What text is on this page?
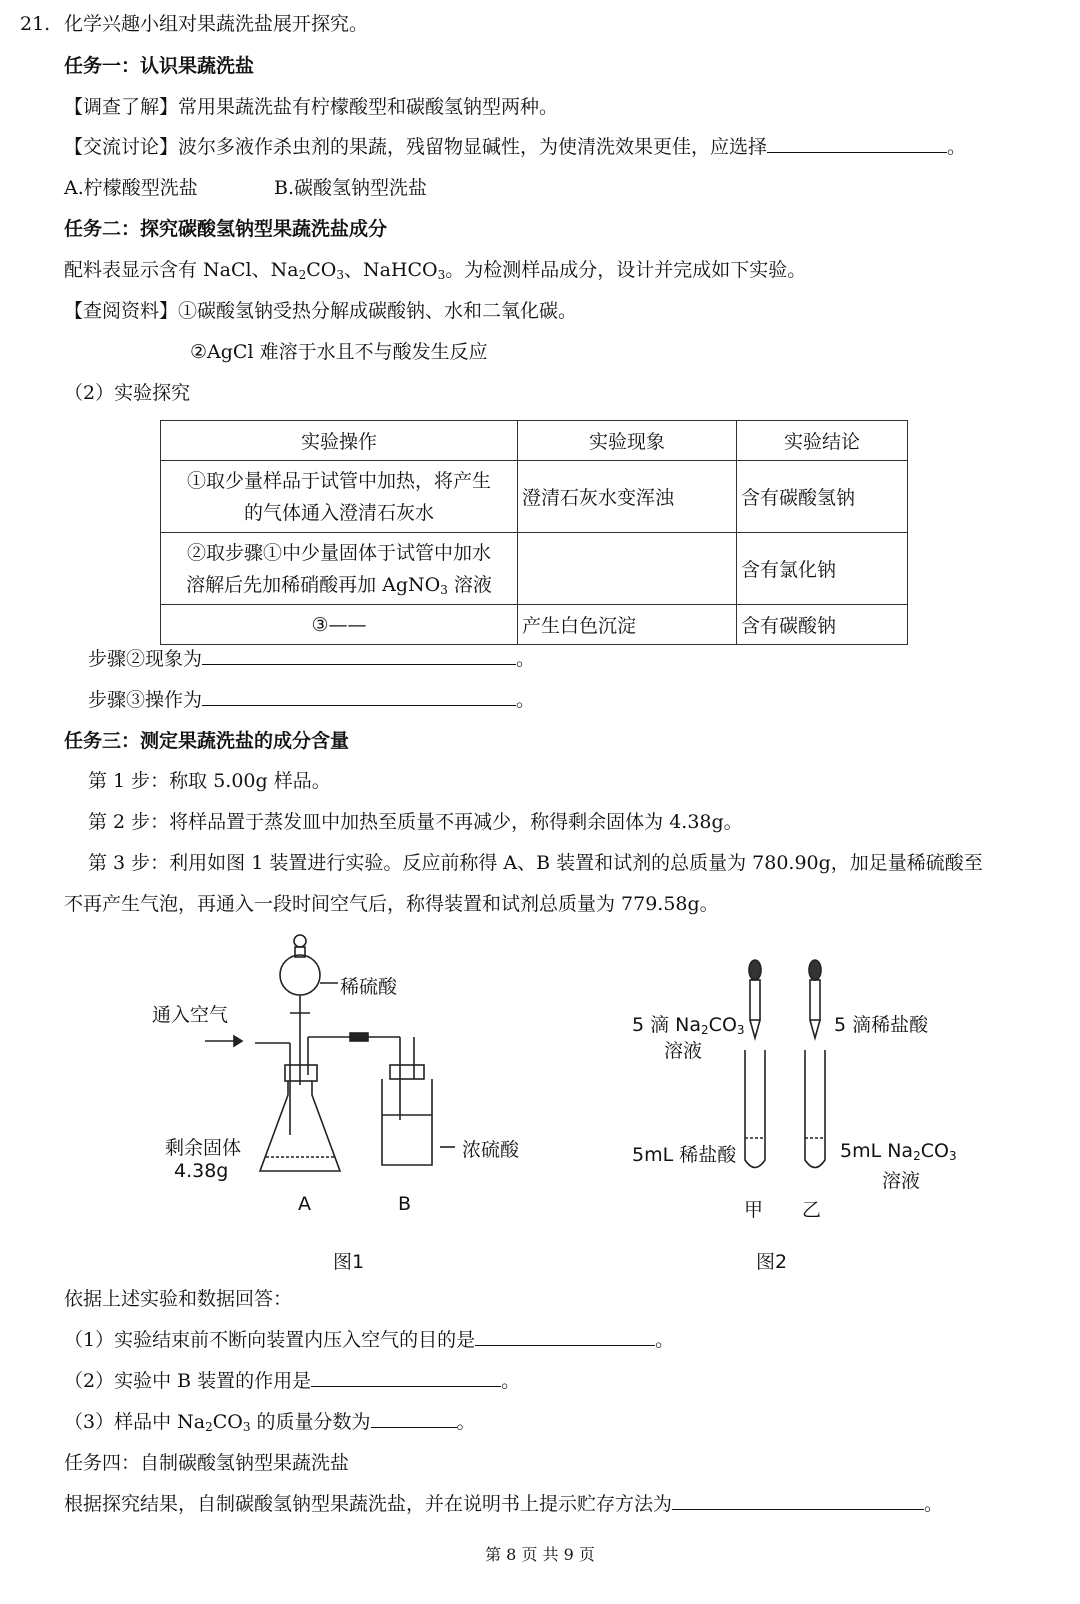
21. 化学兴趣小组对果蔬洗盐展开探究。
任务一：认识果蔬洗盐
【调查了解】常用果蔬洗盐有柠檬酸型和碳酸氢钠型两种。
【交流讨论】波尔多液作杀虫剂的果蔬，残留物显碱性，为使清洗效果更佳，应选择	。
A.柠檬酸型洗盐	B.碳酸氢钠型洗盐
任务二：探究碳酸氢钠型果蔬洗盐成分
配料表显示含有 NaCl、$Na_2CO_3$、NaHCO$_3$。为检测样品成分，设计并完成如下实验。
【查阅资料】①碳酸氢钠受热分解成碳酸钠、水和二氧化碳。
②AgCl 难溶于水且不与酸发生反应
（2）实验探究
实验操作	实验现象	实验结论

①取少量样品于试管中加热，将产生
的气体通入澄清石灰水	澄清石灰水变浑浊	含有碳酸氢钠

②取步骤①中少量固体于试管中加水
溶解后先加稀硝酸再加 AgNO$_3$ 溶液		含有氯化钠
③——	产生白色沉淀	含有碳酸钠
步骤②现象为	。
步骤③操作为	。
任务三：测定果蔬洗盐的成分含量
第 1 步：称取 5.00g 样品。
第 2 步：将样品置于蒸发皿中加热至质量不再减少，称得剩余固体为 4.38g。
第 3 步：利用如图 1 装置进行实验。反应前称得 A、B 装置和试剂的总质量为 780.90g，加足量稀硫酸至
不再产生气泡，再通入一段时间空气后，称得装置和试剂总质量为 779.58g。
稀硫酸
通入空气
剩余固体
4.38g
浓硫酸
A	B
图1
5 滴 $Na_2CO_3$
溶液
5 滴稀盐酸
5mL 稀盐酸	5mL $Na_2CO_3$
溶液
甲 乙
图2
依据上述实验和数据回答：
（1）实验结束前不断向装置内压入空气的目的是	。
（2）实验中 B 装置的作用是	。
（3）样品中 $Na_2CO_3$ 的质量分数为	。
任务四：自制碳酸氢钠型果蔬洗盐
根据探究结果，自制碳酸氢钠型果蔬洗盐，并在说明书上提示贮存方法为	。
第 8 页 共 9 页
